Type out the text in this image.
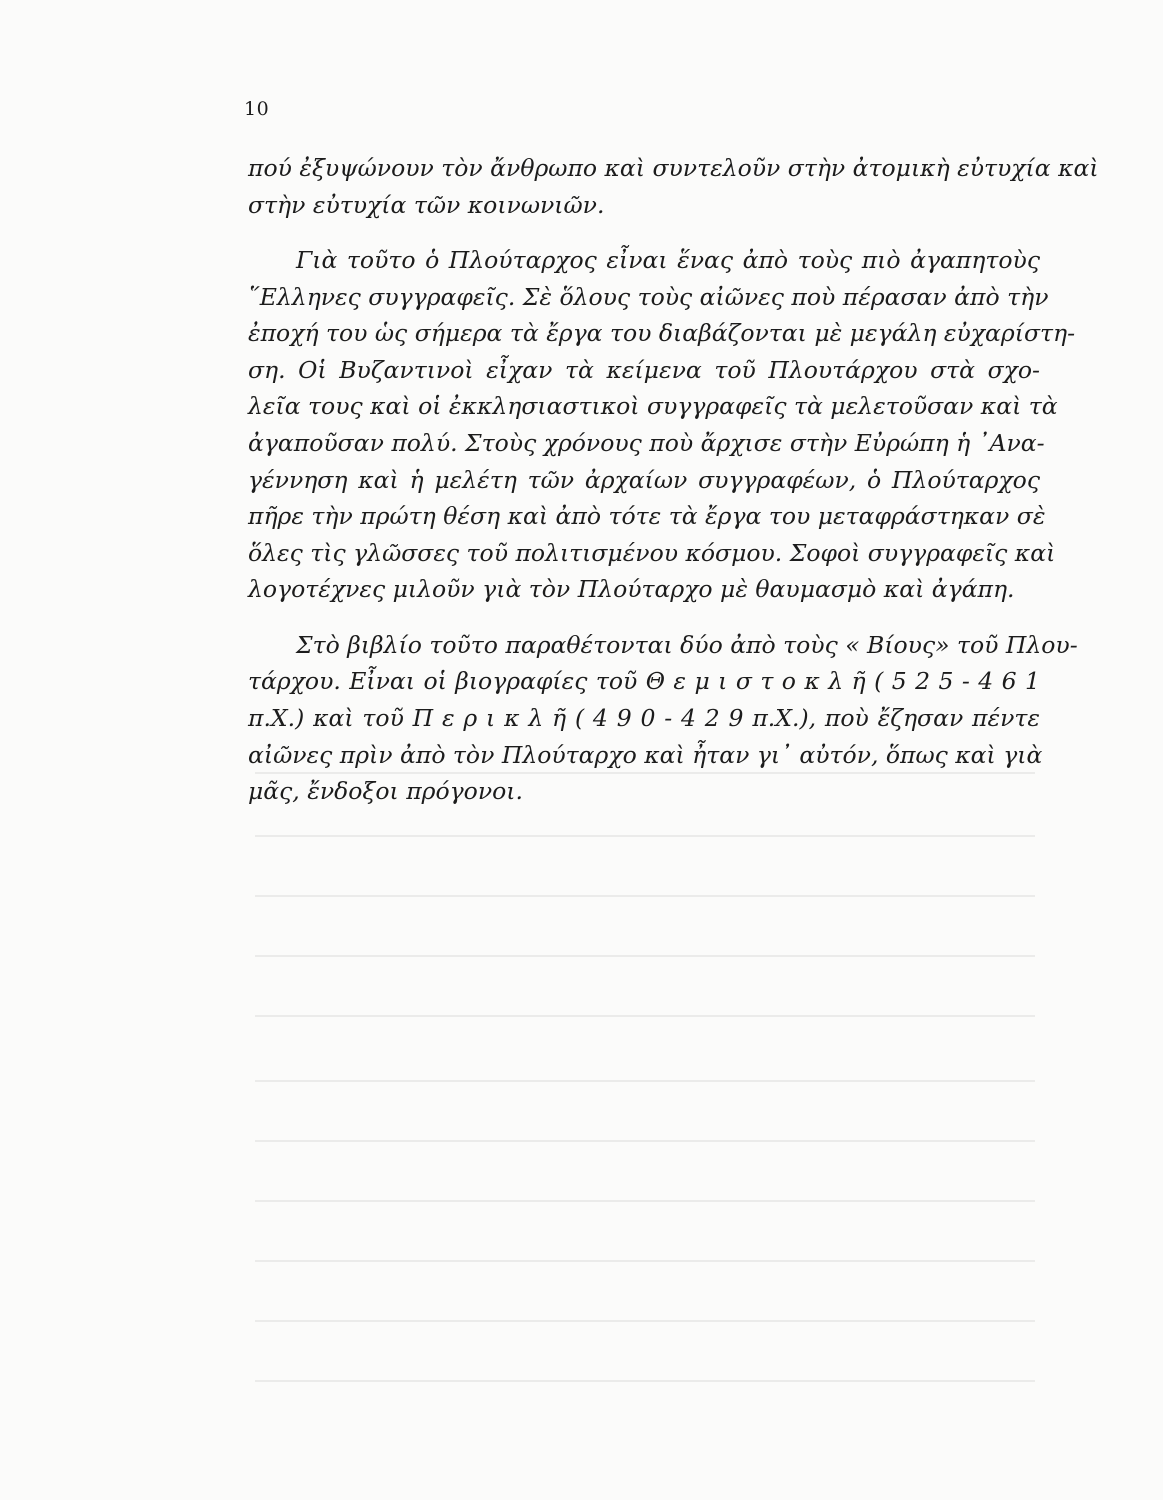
10
πού ἐξυψώνουν τὸν ἄνθρωπο καὶ συντελοῦν στὴν ἀτομικὴ εὐτυχία καὶ
στὴν εὐτυχία τῶν κοινωνιῶν.
Γιὰ τοῦτο ὁ Πλούταρχος εἶναι ἕνας ἀπὸ τοὺς πιὸ ἀγαπητοὺς
῞Ελληνες συγγραφεῖς. Σὲ ὅλους τοὺς αἰῶνες ποὺ πέρασαν ἀπὸ τὴν
ἐποχή του ὡς σήμερα τὰ ἔργα του διαβάζονται μὲ μεγάλη εὐχαρίστη-
ση. Οἱ Βυζαντινοὶ εἶχαν τὰ κείμενα τοῦ Πλουτάρχου στὰ σχο-
λεῖα τους καὶ οἱ ἐκκλησιαστικοὶ συγγραφεῖς τὰ μελετοῦσαν καὶ τὰ
ἀγαποῦσαν πολύ. Στοὺς χρόνους ποὺ ἄρχισε στὴν Εὐρώπη ἡ ᾿Ανα-
γέννηση καὶ ἡ μελέτη τῶν ἀρχαίων συγγραφέων, ὁ Πλούταρχος
πῆρε τὴν πρώτη θέση καὶ ἀπὸ τότε τὰ ἔργα του μεταφράστηκαν σὲ
ὅλες τὶς γλῶσσες τοῦ πολιτισμένου κόσμου. Σοφοὶ συγγραφεῖς καὶ
λογοτέχνες μιλοῦν γιὰ τὸν Πλούταρχο μὲ θαυμασμὸ καὶ ἀγάπη.
Στὸ βιβλίο τοῦτο παραθέτονται δύο ἀπὸ τοὺς « Βίους» τοῦ Πλου-
τάρχου. Εἶναι οἱ βιογραφίες τοῦ Θ ε μ ι σ τ ο κ λ ῆ ( 5 2 5 - 4 6 1
π.Χ.) καὶ τοῦ Π ε ρ ι κ λ ῆ ( 4 9 0 - 4 2 9 π.Χ.), ποὺ ἔζησαν πέντε
αἰῶνες πρὶν ἀπὸ τὸν Πλούταρχο καὶ ἦταν γι᾿ αὐτόν, ὅπως καὶ γιὰ
μᾶς, ἔνδοξοι πρόγονοι.
